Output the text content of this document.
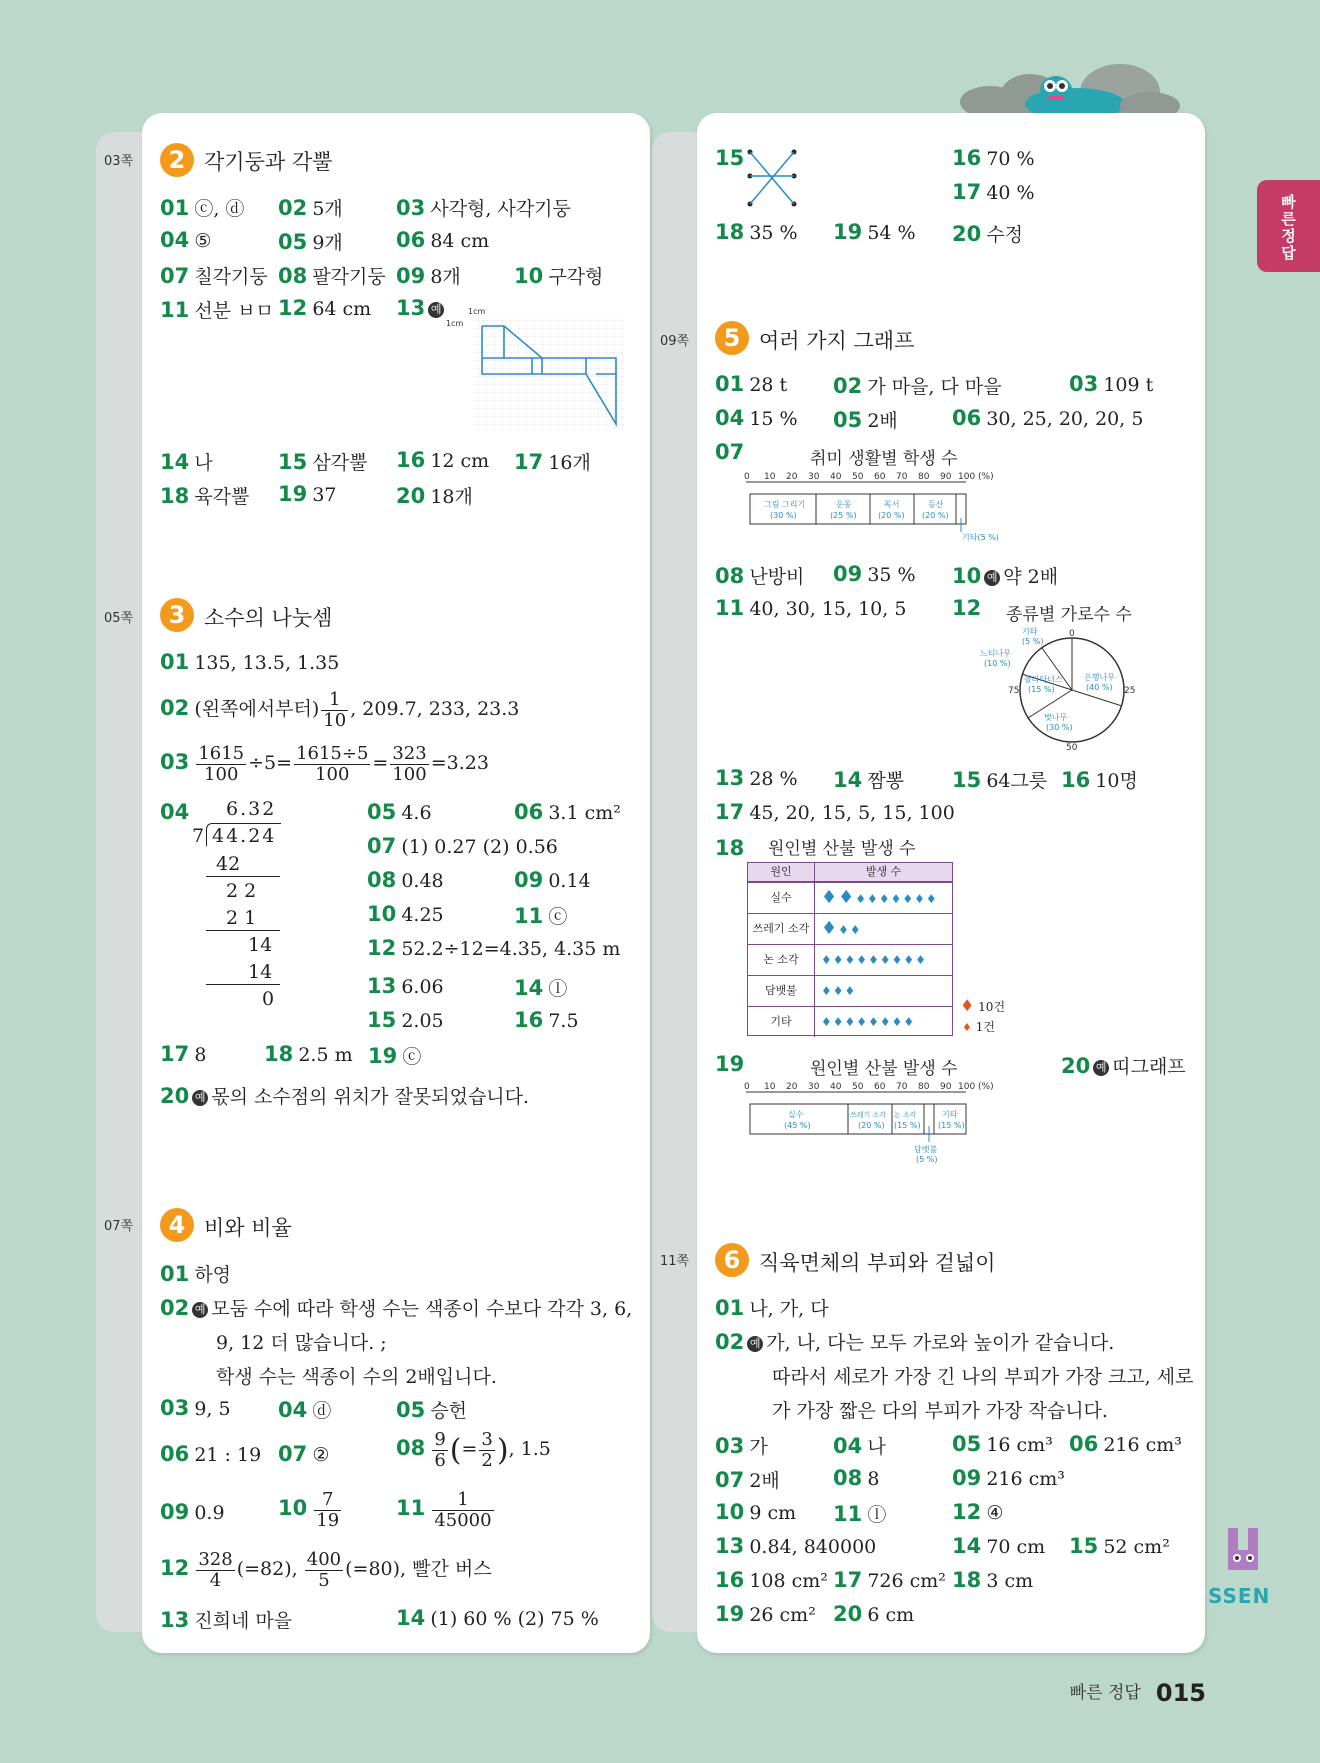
빠른정답
03쪽	2 각기둥과 각뿔
01 ⓒ, ⓓ 02 5개	03 사각형, 사각기둥
04 ⑤	05 9개	06 84 cm
07 칠각기둥 08 팔각기둥 09 8개	10 구각형
11 선분 ㅂㅁ 12 64 cm 13 예	1cm
1cm
14 나	15 삼각뿔 16 12 cm 17 16개
18 육각뿔 19 37	20 18개
05쪽	3 소수의 나눗셈
01 135, 13.5, 1.35
02 (왼쪽에서부터) $\frac{1}{10}$ , 209.7, 233, 23.3
$03 \frac{1615}{100} \div 5= \frac{1615\div 5}{100} = \frac{323}{100} =3.23$
04 6.32
7 44.24
42
2 2
2 1
14
14
0
05 4.6	06 3.1 cm²
07 (1) 0.27 (2) 0.56
08 0.48	09 0.14
10 4.25	11 ⓒ
12 52.2÷12=4.35, 4.35 m
13 6.06	14 ⓛ
15 2.05	16 7.5
17 8	18 2.5 m 19 ⓒ
20 예 몫의 소수점의 위치가 잘못되었습니다.
07쪽	4 비와 비율
01 하영
02 예 모둠 수에 따라 학생 수는 색종이 수보다 각각 3, 6,
9, 12 더 많습니다. ;
학생 수는 색종이 수의 2배입니다.
03 9, 5 04 ⓓ	05 승헌
06 21 : 19 07 ②	$08 \frac{9}{6}$ (= $\frac{3}{2}$ ), 1.5
09 0.9	$10 \frac{7}{19}$	$11 \frac{1}{45000}$
$12 \frac{328}{4} (=82)$, $\frac{400}{5} (=80)$, 빨간 버스
13 진희네 마을	14 (1) 60 % (2) 75 %
15	16 70 %
17 40 %
18 35 % 19 54 % 20 수정
09쪽	5 여러 가지 그래프
01 28 t 02 가 마을, 다 마을	03 109 t
04 15 % 05 2배	06 30, 25, 20, 20, 5
07	취미 생활별 학생 수
0 10 20 30 40 50 60 70 80 90 100 (%)
그림 그리기
(30 %)
운동
(25 %)
독서
(20 %)
등산
(20 %)
기타(5 %)
08 난방비 09 35 % 10 예 약 2배
11 40, 30, 15, 10, 5 12 종류별 가로수 수
0
25
50
75
은행나무
(40 %)
벚나무
(30 %)
플라타너스
(15 %)
느티나무
(10 %)
기타
(5 %)
13 28 % 14 짬뽕 15 64그릇 16 10명
17 45, 20, 15, 5, 15, 100
18 원인별 산불 발생 수
원인	발생 수
실수	♦♦♦♦♦♦♦♦♦
쓰레기 소각 ♦♦♦
논 소각	♦♦♦♦♦♦♦♦♦
담뱃불	♦♦♦
기타	♦♦♦♦♦♦♦♦
♦ 10건
♦ 1건
19	원인별 산불 발생 수	20 예 띠그래프
0 10 20 30 40 50 60 70 80 90 100 (%)
실수
(45 %)
쓰레기 소각
(20 %)
논 소각
(15 %)
기타
(15 %)
담뱃불
(5 %)
11쪽	6 직육면체의 부피와 겉넓이
01 나, 가, 다
02 예 가, 나, 다는 모두 가로와 높이가 같습니다.
따라서 세로가 가장 긴 나의 부피가 가장 크고, 세로
가 가장 짧은 다의 부피가 가장 작습니다.
03 가	04 나	05 16 cm³ 06 216 cm³
07 2배	08 8	09 216 cm³
10 9 cm 11 ⓛ	12 ④
13 0.84, 840000	14 70 cm 15 52 cm²
16 108 cm² 17 726 cm² 18 3 cm
19 26 cm² 20 6 cm
SSEN
빠른 정답 015
